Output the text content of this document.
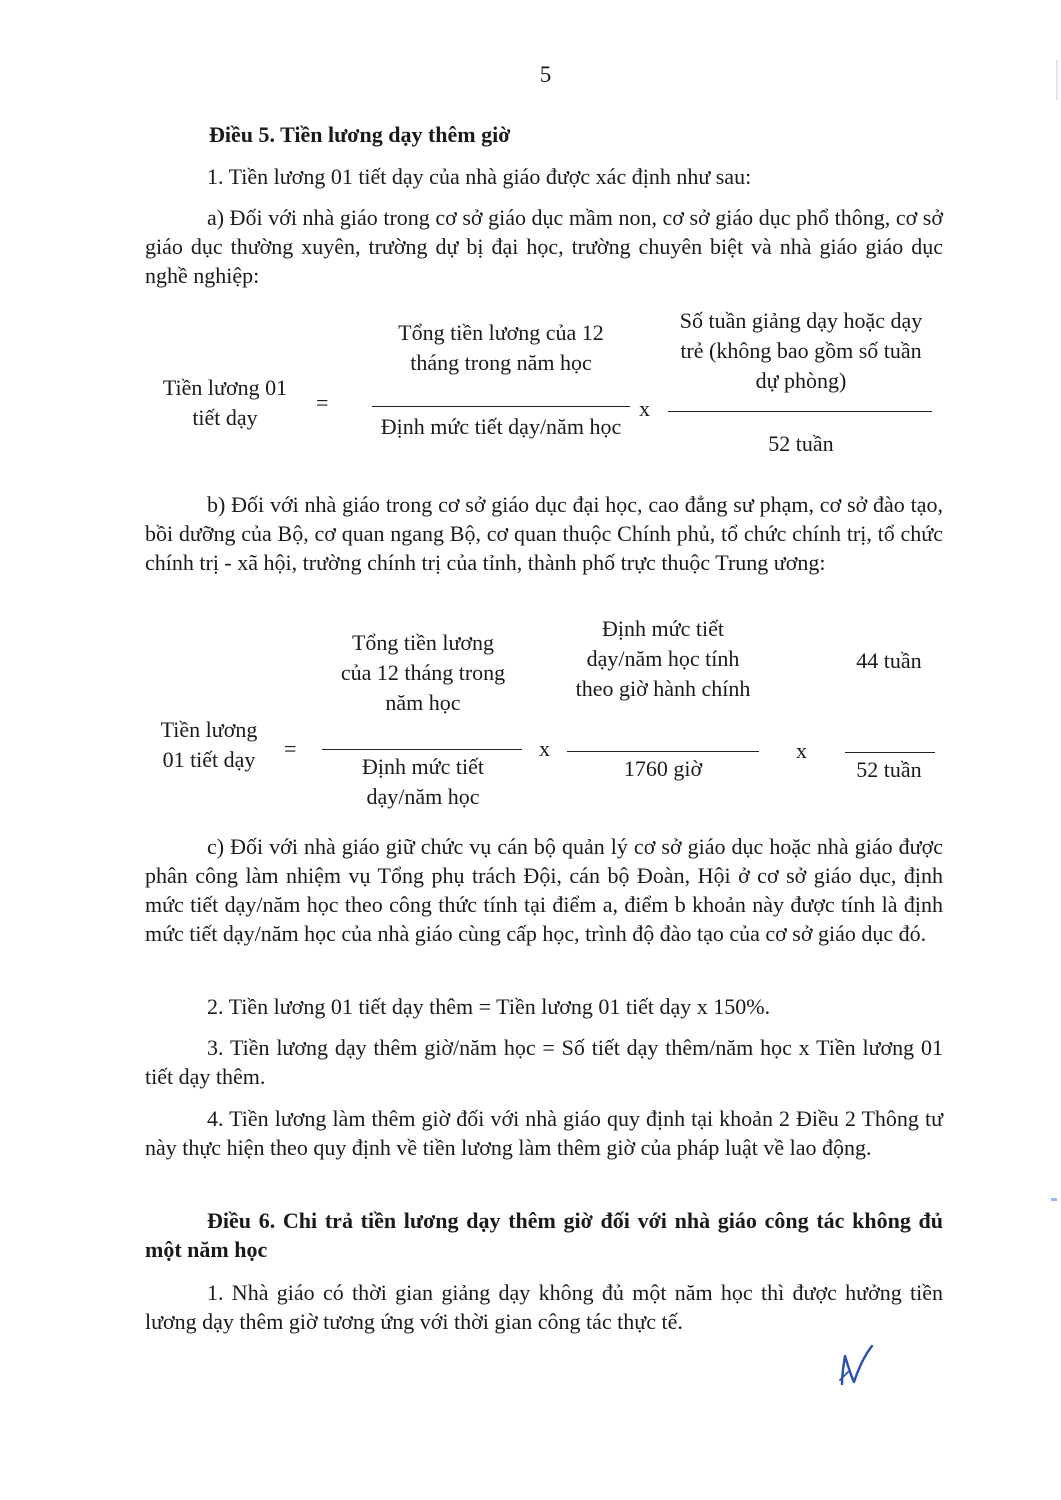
5
Điều 5. Tiền lương dạy thêm giờ
1. Tiền lương 01 tiết dạy của nhà giáo được xác định như sau:
a) Đối với nhà giáo trong cơ sở giáo dục mầm non, cơ sở giáo dục phổ thông, cơ sở giáo dục thường xuyên, trường dự bị đại học, trường chuyên biệt và nhà giáo giáo dục nghề nghiệp:
Tiền lương 01 tiết dạy
=
Tổng tiền lương của 12 tháng trong năm học
Định mức tiết dạy/năm học
x
Số tuần giảng dạy hoặc dạy trẻ (không bao gồm số tuần dự phòng)
52 tuần
b) Đối với nhà giáo trong cơ sở giáo dục đại học, cao đẳng sư phạm, cơ sở đào tạo, bồi dưỡng của Bộ, cơ quan ngang Bộ, cơ quan thuộc Chính phủ, tổ chức chính trị, tổ chức chính trị - xã hội, trường chính trị của tỉnh, thành phố trực thuộc Trung ương:
Tiền lương 01 tiết dạy	=
Tổng tiền lương của 12 tháng trong năm học
Định mức tiết dạy/năm học
x
Định mức tiết dạy/năm học tính theo giờ hành chính
1760 giờ
x
44 tuần
52 tuần
c) Đối với nhà giáo giữ chức vụ cán bộ quản lý cơ sở giáo dục hoặc nhà giáo được phân công làm nhiệm vụ Tổng phụ trách Đội, cán bộ Đoàn, Hội ở cơ sở giáo dục, định mức tiết dạy/năm học theo công thức tính tại điểm a, điểm b khoản này được tính là định mức tiết dạy/năm học của nhà giáo cùng cấp học, trình độ đào tạo của cơ sở giáo dục đó.
2. Tiền lương 01 tiết dạy thêm = Tiền lương 01 tiết dạy x 150%.
3. Tiền lương dạy thêm giờ/năm học = Số tiết dạy thêm/năm học x Tiền lương 01 tiết dạy thêm.
4. Tiền lương làm thêm giờ đối với nhà giáo quy định tại khoản 2 Điều 2 Thông tư này thực hiện theo quy định về tiền lương làm thêm giờ của pháp luật về lao động.
Điều 6. Chi trả tiền lương dạy thêm giờ đối với nhà giáo công tác không đủ một năm học
1. Nhà giáo có thời gian giảng dạy không đủ một năm học thì được hưởng tiền lương dạy thêm giờ tương ứng với thời gian công tác thực tế.
